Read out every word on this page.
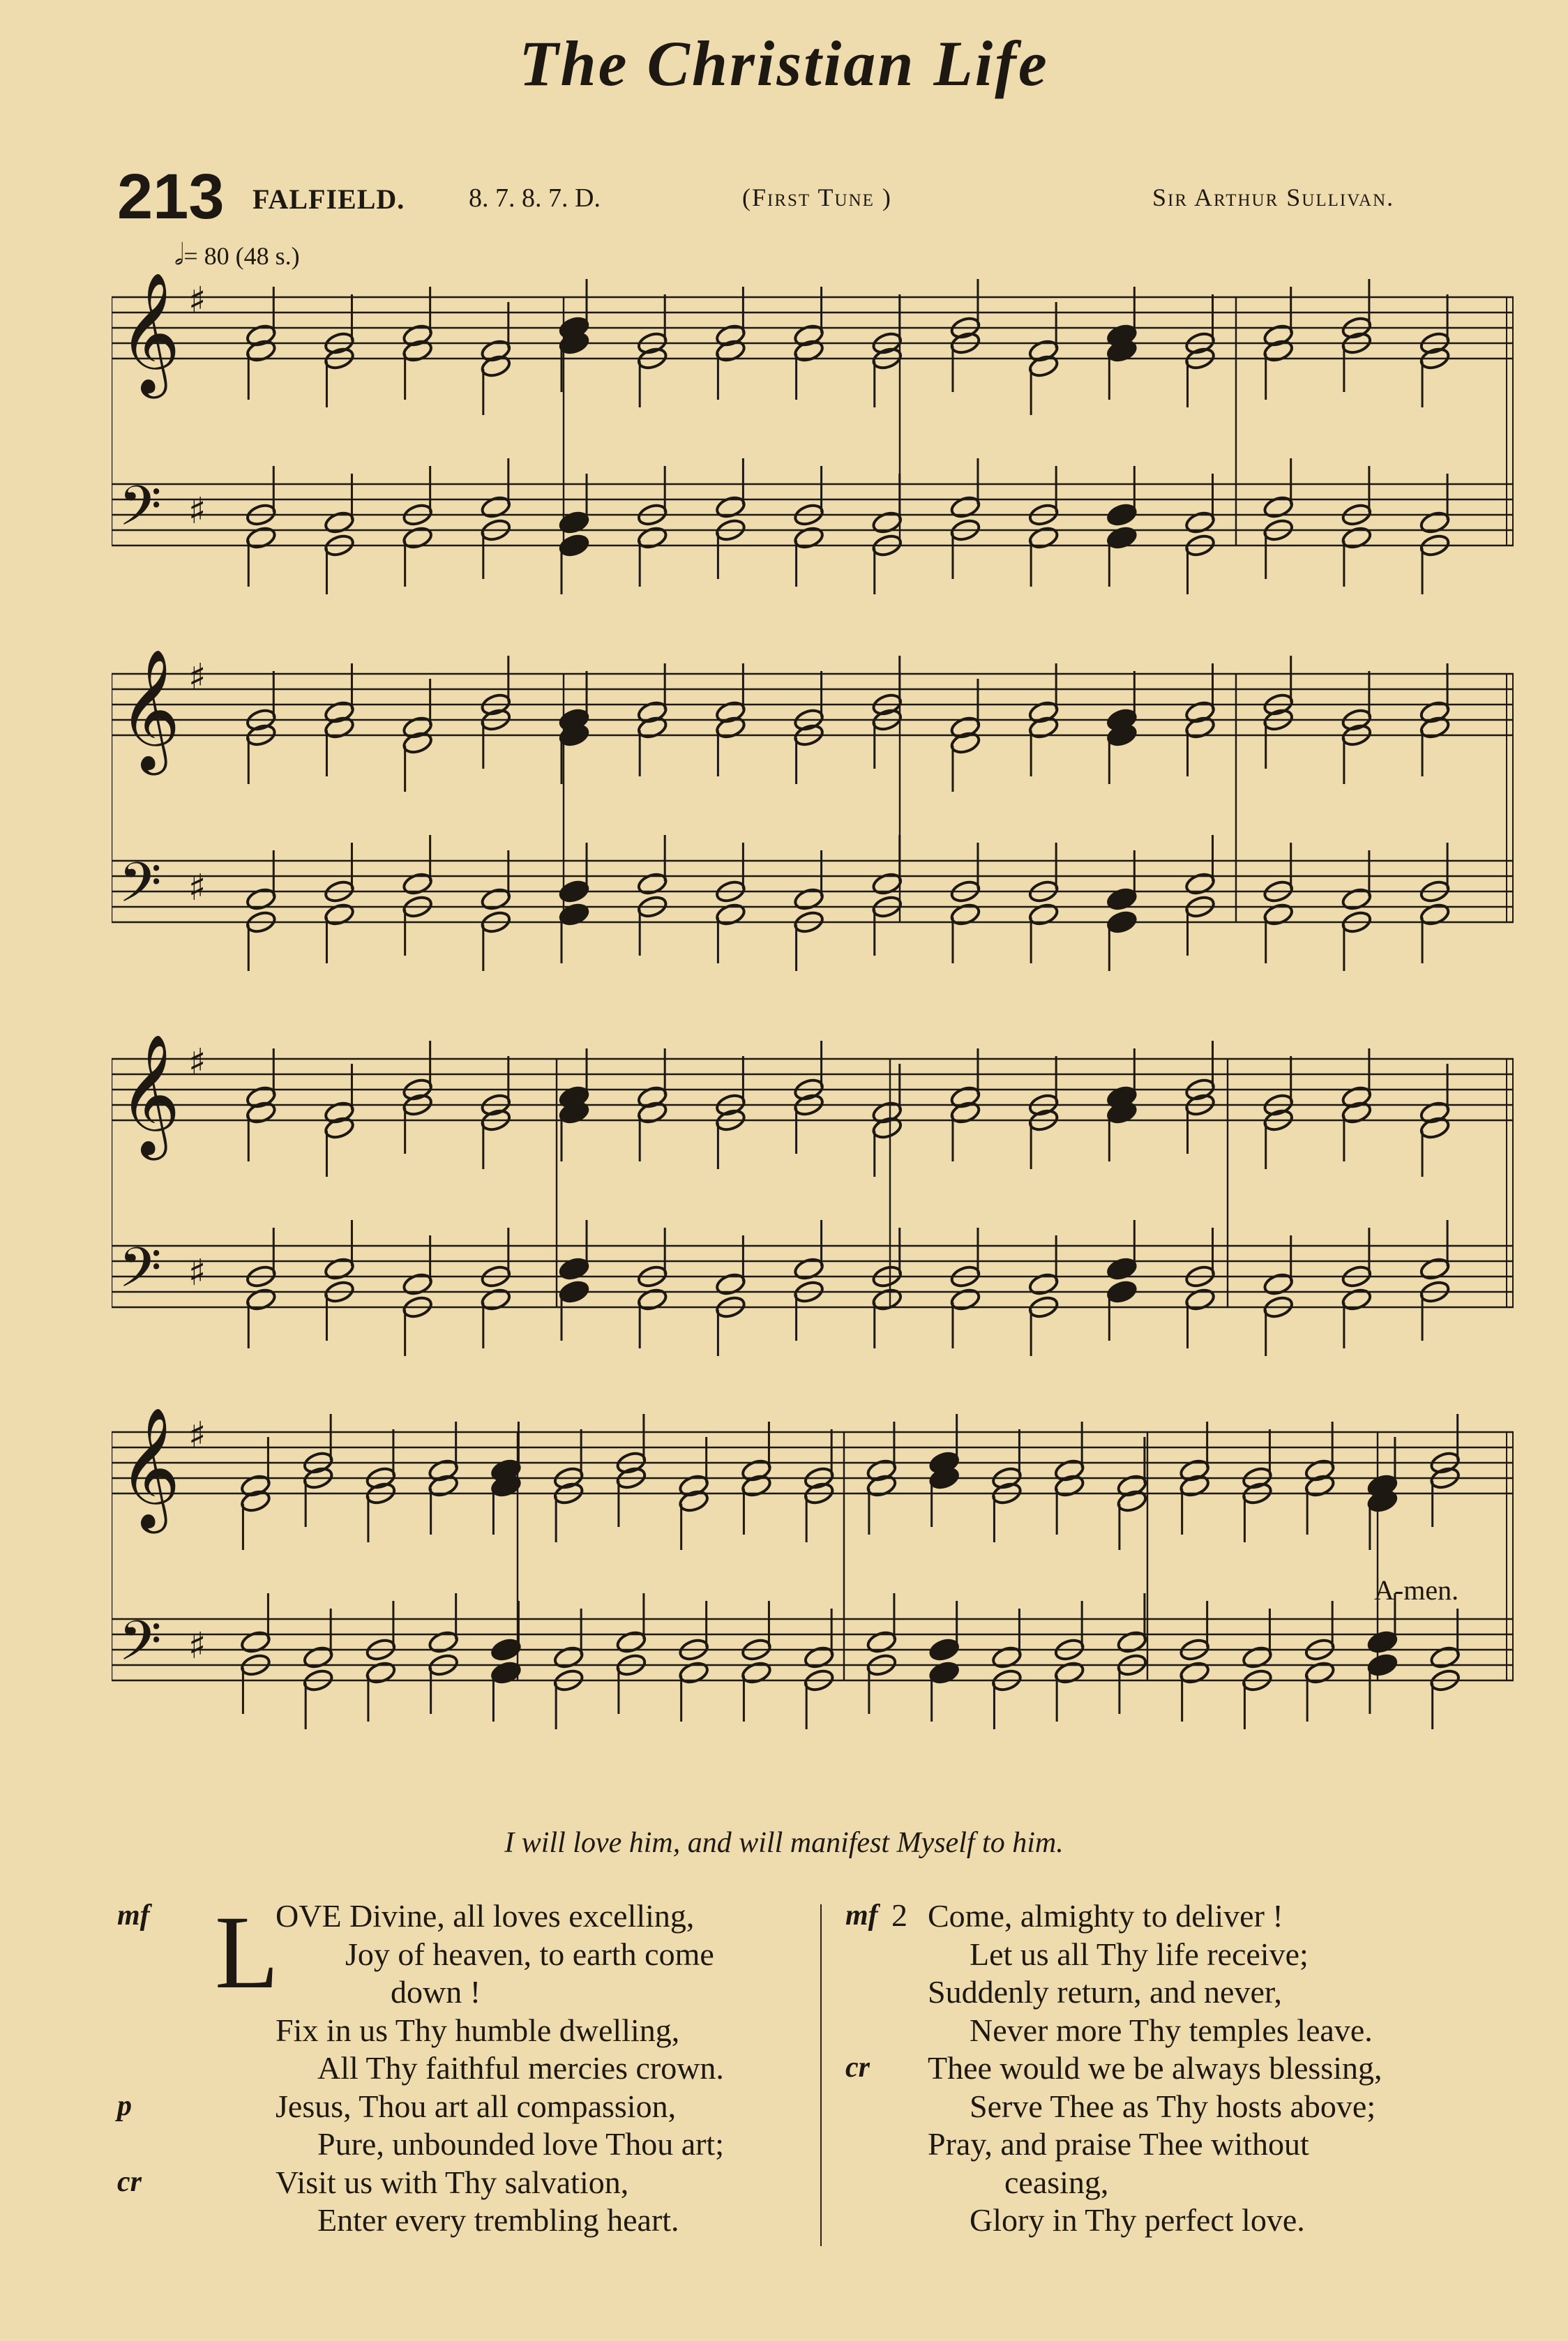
The Christian Life
213 FALFIELD. 8. 7. 8. 7. D.	(First Tune )	Sir Arthur Sullivan.
𝅗𝅥= 80 (48 s.)
𝄞
𝄢
♯
♯
𝄞
𝄢
♯
♯
𝄞
𝄢
♯
♯
𝄞
𝄢
♯
♯
A-men.
I will love him, and will manifest Myself to him.
L
OVE Divine, all loves excelling,
Joy of heaven, to earth come
down !
Fix in us Thy humble dwelling,
All Thy faithful mercies crown.
Jesus, Thou art all compassion,
Pure, unbounded love Thou art;
Visit us with Thy salvation,
Enter every trembling heart.
Come, almighty to deliver !
Let us all Thy life receive;
Suddenly return, and never,
Never more Thy temples leave.
Thee would we be always blessing,
Serve Thee as Thy hosts above;
Pray, and praise Thee without
ceasing,
Glory in Thy perfect love.
mf
p
cr
mf
cr
2
